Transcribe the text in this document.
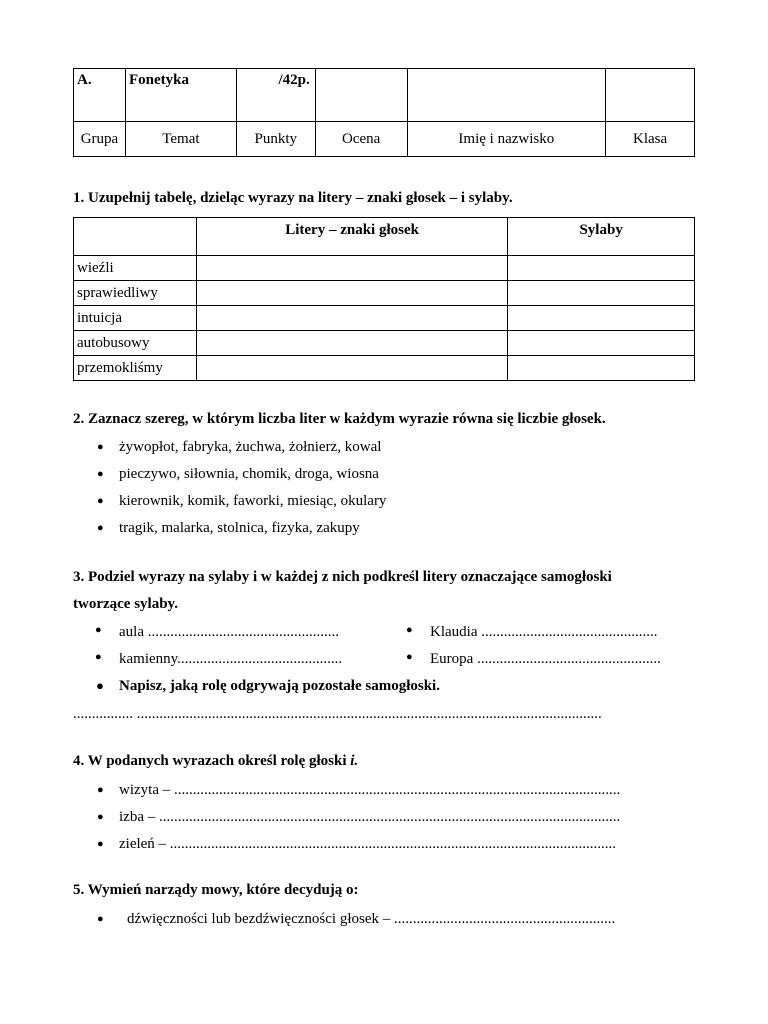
A.	Fonetyka	/42p.			
Grupa	Temat	Punkty	Ocena	Imię i nazwisko	Klasa
1. Uzupełnij tabelę, dzieląc wyrazy na litery – znaki głosek – i sylaby.
	Litery – znaki głosek	Sylaby
wieźli		
sprawiedliwy		
intuicja		
autobusowy		
przemokliśmy		
2. Zaznacz szereg, w którym liczba liter w każdym wyrazie równa się liczbie głosek.
● żywopłot, fabryka, żuchwa, żołnierz, kowal
● pieczywo, siłownia, chomik, droga, wiosna
● kierownik, komik, faworki, miesiąc, okulary
● tragik, malarka, stolnica, fizyka, zakupy
3. Podziel wyrazy na sylaby i w każdej z nich podkreśl litery oznaczające samogłoski
tworzące sylaby.
● aula ...................................................	● Klaudia ...............................................
● kamienny............................................	● Europa .................................................
● Napisz, jaką rolę odgrywają pozostałe samogłoski.
................ ............................................................................................................................
4. W podanych wyrazach określ rolę głoski i.
● wizyta – .......................................................................................................................
● izba – ...........................................................................................................................
● zieleń – .......................................................................................................................
5. Wymień narządy mowy, które decydują o:
● dźwięczności lub bezdźwięczności głosek – ...........................................................
